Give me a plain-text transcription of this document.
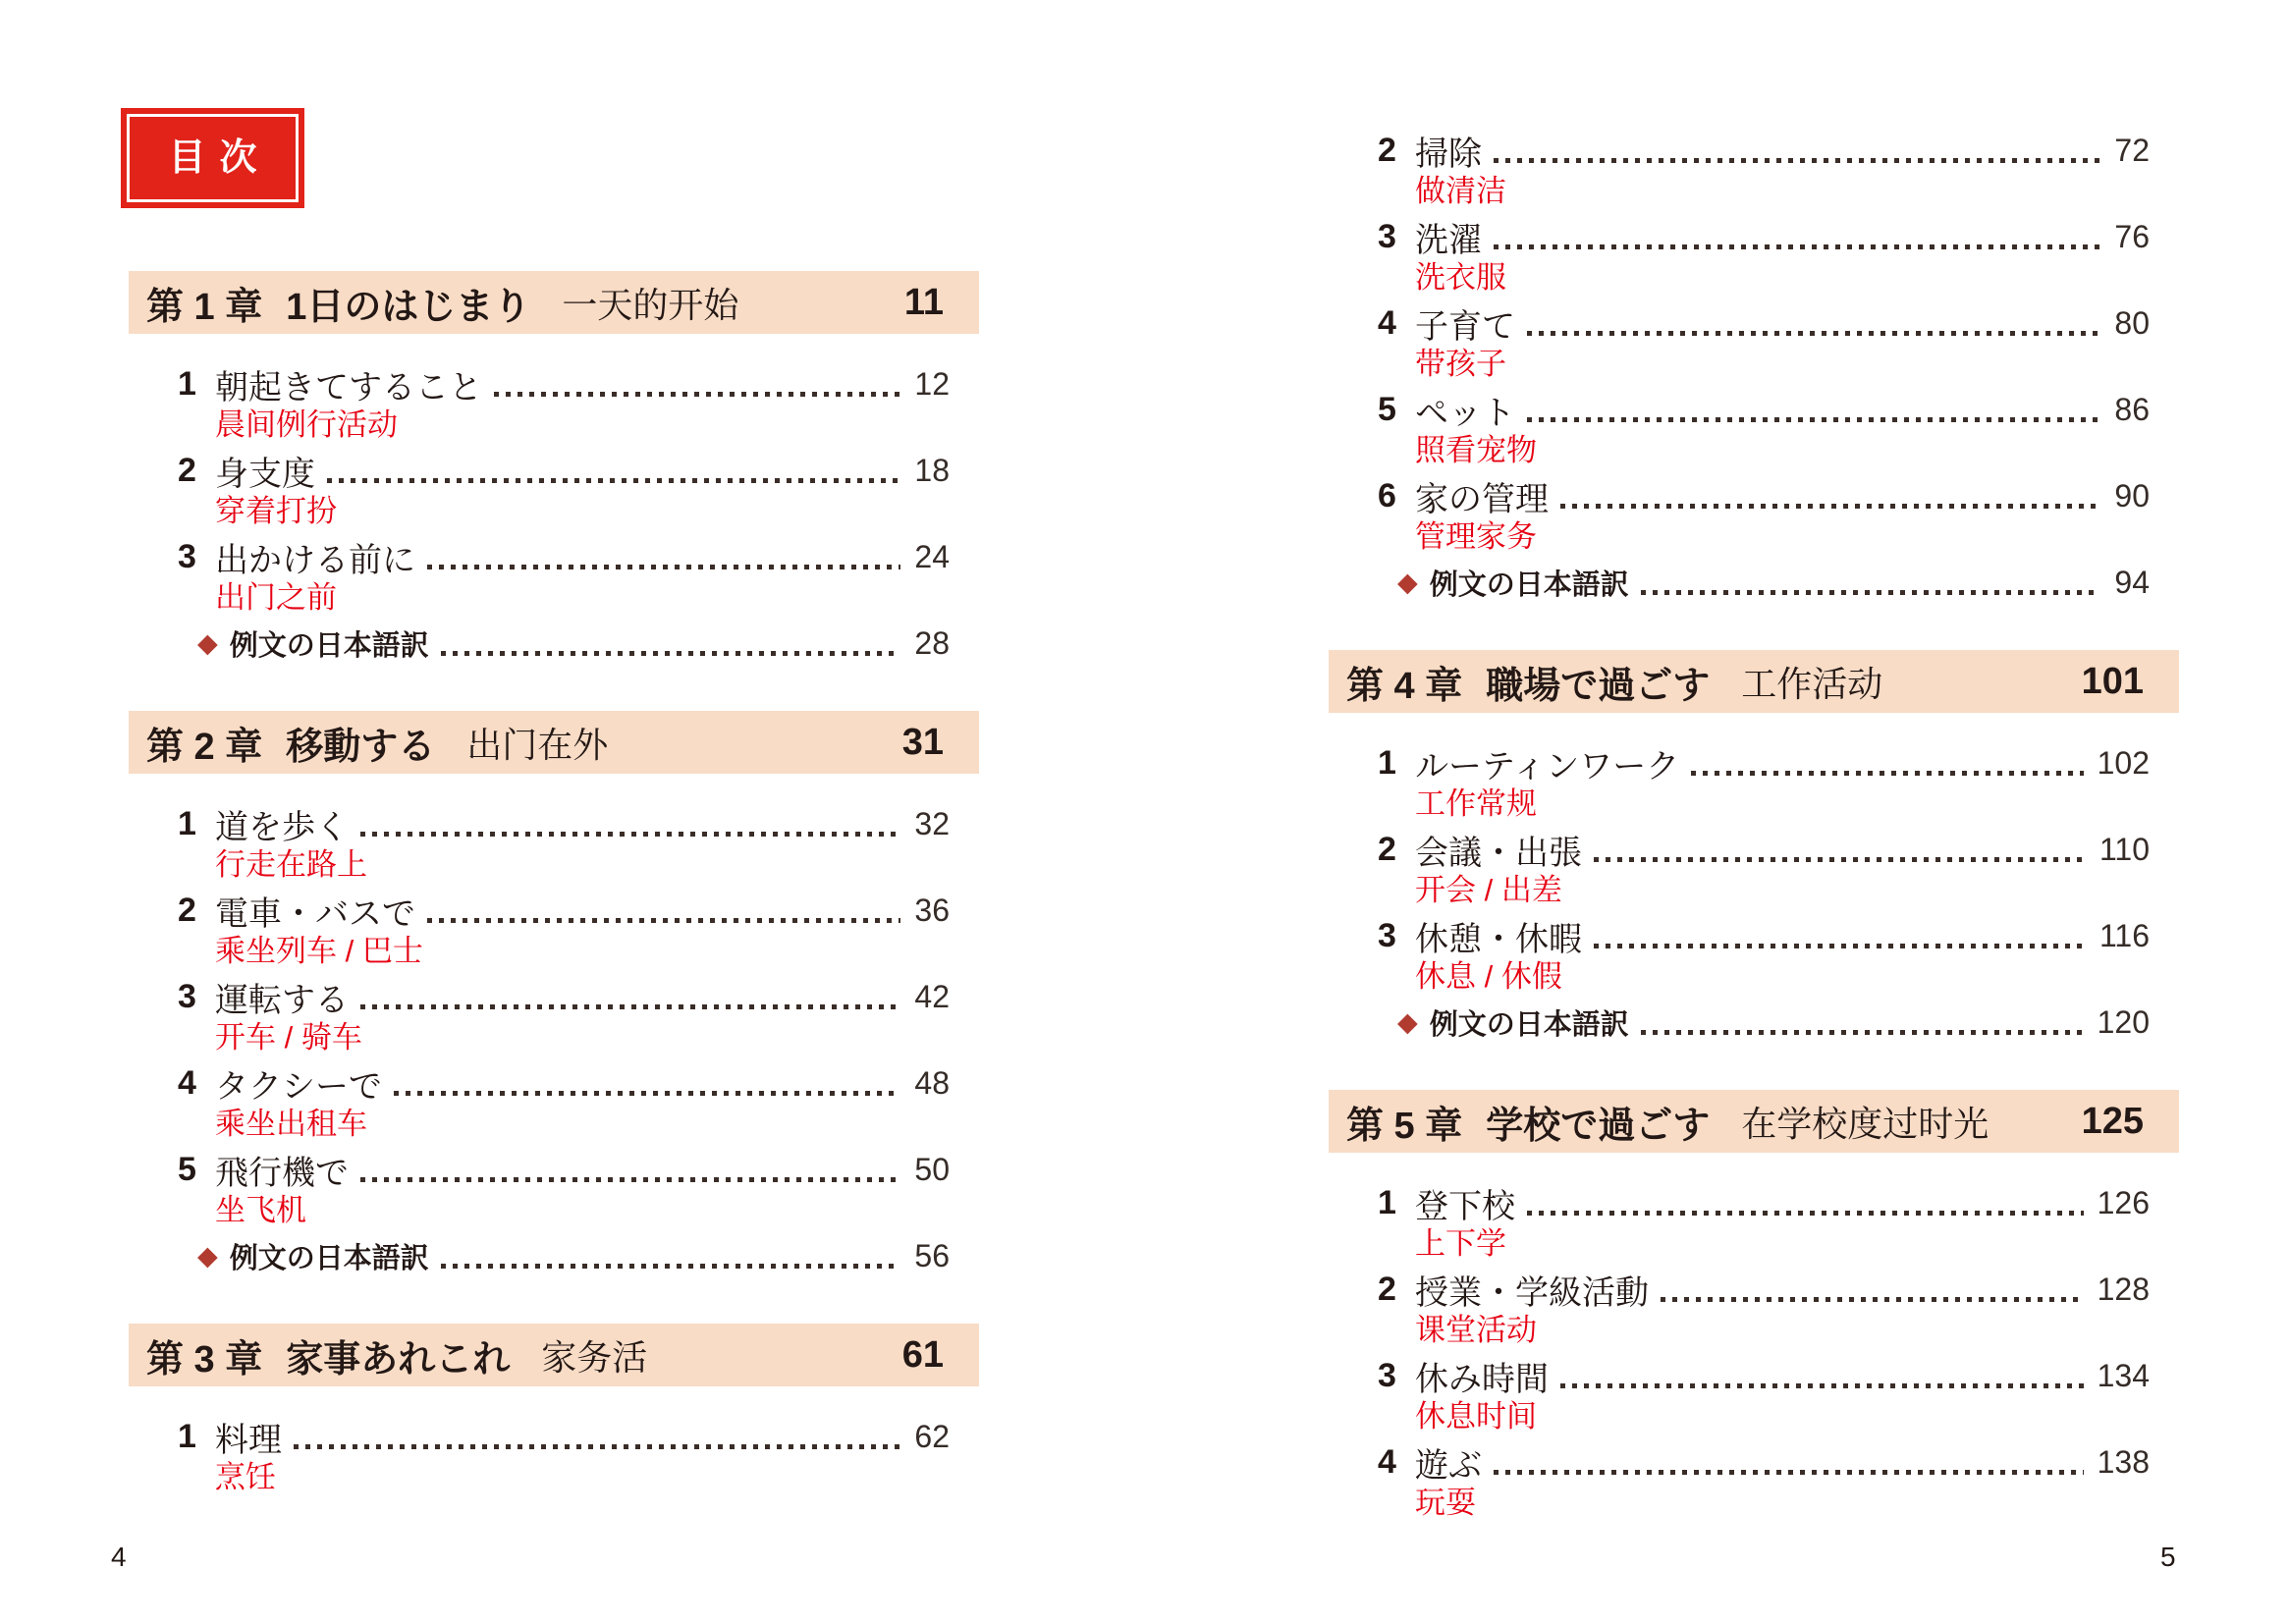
目次
第 1 章 1日のはじまり 一天的开始	11
1 朝起きてすること	12
晨间例行活动
2 身支度	18
穿着打扮
3 出かける前に	24
出门之前
◆
例文の日本語訳	28
第 2 章 移動する 出门在外	31
1 道を歩く	32
行走在路上
2 電車・バスで	36
乘坐列车 / 巴士
3 運転する	42
开车 / 骑车
4 タクシーで	48
乘坐出租车
5 飛行機で	50
坐飞机
◆
例文の日本語訳	56
第 3 章 家事あれこれ 家务活	61
1 料理	62
烹饪
2 掃除	72
做清洁
3 洗濯	76
洗衣服
4 子育て	80
带孩子
5 ペット	86
照看宠物
6 家の管理	90
管理家务
◆
例文の日本語訳	94
第 4 章 職場で過ごす 工作活动	101
1 ルーティンワーク	102
工作常规
2 会議・出張	110
开会 / 出差
3 休憩・休暇	116
休息 / 休假
◆
例文の日本語訳	120
第 5 章 学校で過ごす 在学校度过时光 125
1 登下校	126
上下学
2 授業・学級活動	128
课堂活动
3 休み時間	134
休息时间
4 遊ぶ	138
玩耍
4	5
